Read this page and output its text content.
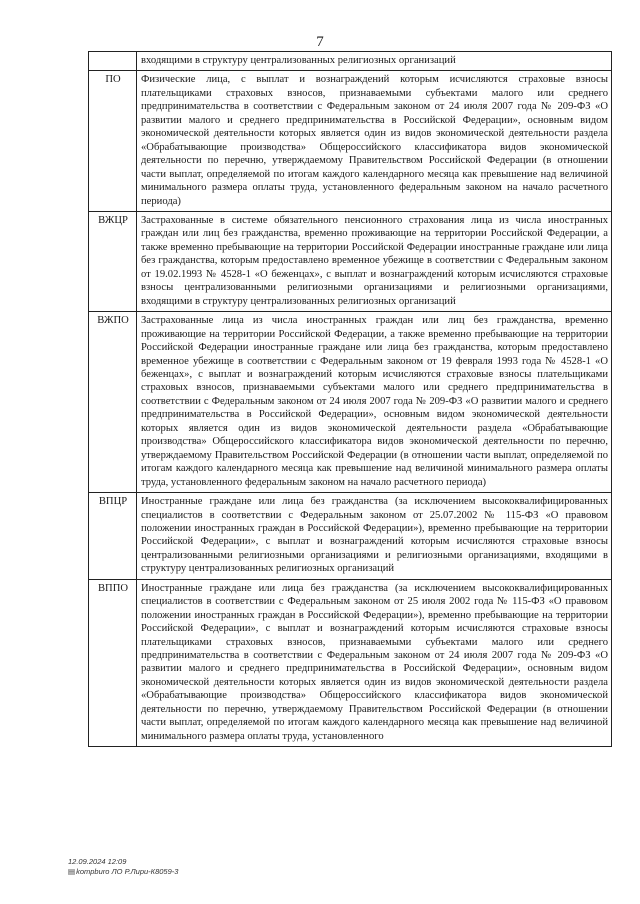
7
	входящими в структуру централизованных религиозных организаций
ПО	Физические лица, с выплат и вознаграждений которым исчисляются страховые взносы плательщиками страховых взносов, признаваемыми субъектами малого или среднего предпринимательства в соответствии с Федеральным законом от 24 июля 2007 года № 209-ФЗ «О развитии малого и среднего предпринимательства в Российской Федерации», основным видом экономической деятельности которых является один из видов экономической деятельности раздела «Обрабатывающие производства» Общероссийского классификатора видов экономической деятельности по перечню, утверждаемому Правительством Российской Федерации (в отношении части выплат, определяемой по итогам каждого календарного месяца как превышение над величиной минимального размера оплаты труда, установленного федеральным законом на начало расчетного периода)
ВЖЦР	Застрахованные в системе обязательного пенсионного страхования лица из числа иностранных граждан или лиц без гражданства, временно проживающие на территории Российской Федерации, а также временно пребывающие на территории Российской Федерации иностранные граждане или лица без гражданства, которым предоставлено временное убежище в соответствии с Федеральным законом от 19.02.1993 № 4528-1 «О беженцах», с выплат и вознаграждений которым исчисляются страховые взносы централизованными религиозными организациями и религиозными организациями, входящими в структуру централизованных религиозных организаций
ВЖПО	Застрахованные лица из числа иностранных граждан или лиц без гражданства, временно проживающие на территории Российской Федерации, а также временно пребывающие на территории Российской Федерации иностранные граждане или лица без гражданства, которым предоставлено временное убежище в соответствии с Федеральным законом от 19 февраля 1993 года № 4528-1 «О беженцах», с выплат и вознаграждений которым исчисляются страховые взносы плательщиками страховых взносов, признаваемыми субъектами малого или среднего предпринимательства в соответствии с Федеральным законом от 24 июля 2007 года № 209-ФЗ «О развитии малого и среднего предпринимательства в Российской Федерации», основным видом экономической деятельности которых является один из видов экономической деятельности раздела «Обрабатывающие производства» Общероссийского классификатора видов экономической деятельности по перечню, утверждаемому Правительством Российской Федерации (в отношении части выплат, определяемой по итогам каждого календарного месяца как превышение над величиной минимального размера оплаты труда, установленного федеральным законом на начало расчетного периода)
ВПЦР	Иностранные граждане или лица без гражданства (за исключением высококвалифицированных специалистов в соответствии с Федеральным законом от 25.07.2002 № 115-ФЗ «О правовом положении иностранных граждан в Российской Федерации»), временно пребывающие на территории Российской Федерации», с выплат и вознаграждений которым исчисляются страховые взносы централизованными религиозными организациями и религиозными организациями, входящими в структуру централизованных религиозных организаций
ВППО	Иностранные граждане или лица без гражданства (за исключением высококвалифицированных специалистов в соответствии с Федеральным законом от 25 июля 2002 года № 115-ФЗ «О правовом положении иностранных граждан в Российской Федерации»), временно пребывающие на территории Российской Федерации», с выплат и вознаграждений которым исчисляются страховые взносы плательщиками страховых взносов, признаваемыми субъектами малого или среднего предпринимательства в соответствии с Федеральным законом от 24 июля 2007 года № 209-ФЗ «О развитии малого и среднего предпринимательства в Российской Федерации», основным видом экономической деятельности которых является один из видов экономической деятельности раздела «Обрабатывающие производства» Общероссийского классификатора видов экономической деятельности по перечню, утверждаемому Правительством Российской Федерации (в отношении части выплат, определяемой по итогам каждого календарного месяца как превышение над величиной минимального размера оплаты труда, установленного
12.09.2024 12:09
▤kompburo ЛО Р.Лири-К8059-3
